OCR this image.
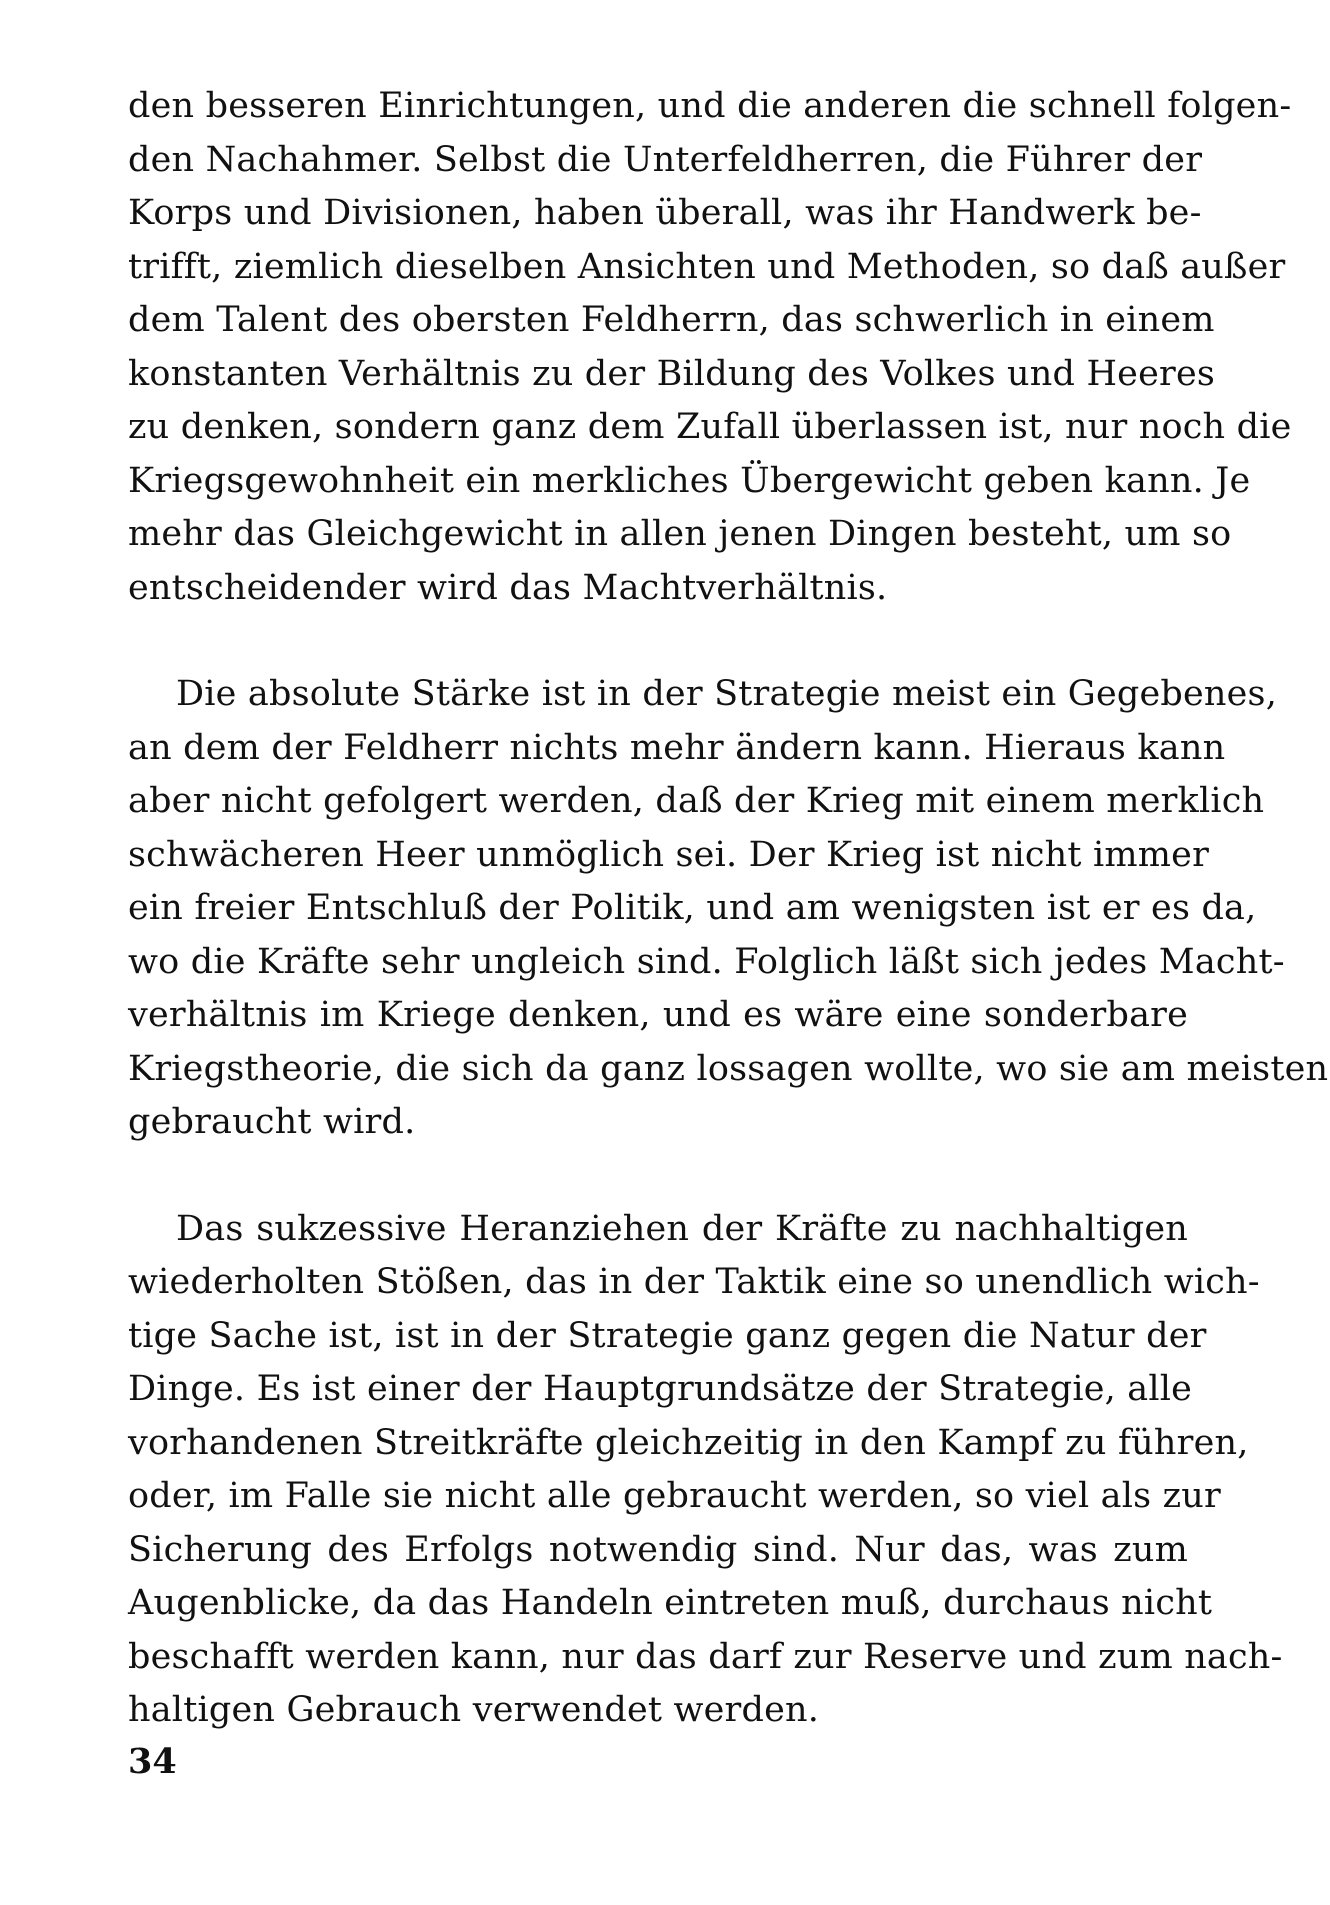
den besseren Einrichtungen, und die anderen die schnell folgen-
den Nachahmer. Selbst die Unterfeldherren, die Führer der
Korps und Divisionen, haben überall, was ihr Handwerk be-
trifft, ziemlich dieselben Ansichten und Methoden, so daß außer
dem Talent des obersten Feldherrn, das schwerlich in einem
konstanten Verhältnis zu der Bildung des Volkes und Heeres
zu denken, sondern ganz dem Zufall überlassen ist, nur noch die
Kriegsgewohnheit ein merkliches Übergewicht geben kann. Je
mehr das Gleichgewicht in allen jenen Dingen besteht, um so
entscheidender wird das Machtverhältnis.
Die absolute Stärke ist in der Strategie meist ein Gegebenes,
an dem der Feldherr nichts mehr ändern kann. Hieraus kann
aber nicht gefolgert werden, daß der Krieg mit einem merklich
schwächeren Heer unmöglich sei. Der Krieg ist nicht immer
ein freier Entschluß der Politik, und am wenigsten ist er es da,
wo die Kräfte sehr ungleich sind. Folglich läßt sich jedes Macht-
verhältnis im Kriege denken, und es wäre eine sonderbare
Kriegstheorie, die sich da ganz lossagen wollte, wo sie am meisten
gebraucht wird.
Das sukzessive Heranziehen der Kräfte zu nachhaltigen
wiederholten Stößen, das in der Taktik eine so unendlich wich-
tige Sache ist, ist in der Strategie ganz gegen die Natur der
Dinge. Es ist einer der Hauptgrundsätze der Strategie, alle
vorhandenen Streitkräfte gleichzeitig in den Kampf zu führen,
oder, im Falle sie nicht alle gebraucht werden, so viel als zur
Sicherung des Erfolgs notwendig sind. Nur das, was zum
Augenblicke, da das Handeln eintreten muß, durchaus nicht
beschafft werden kann, nur das darf zur Reserve und zum nach-
haltigen Gebrauch verwendet werden.
34
